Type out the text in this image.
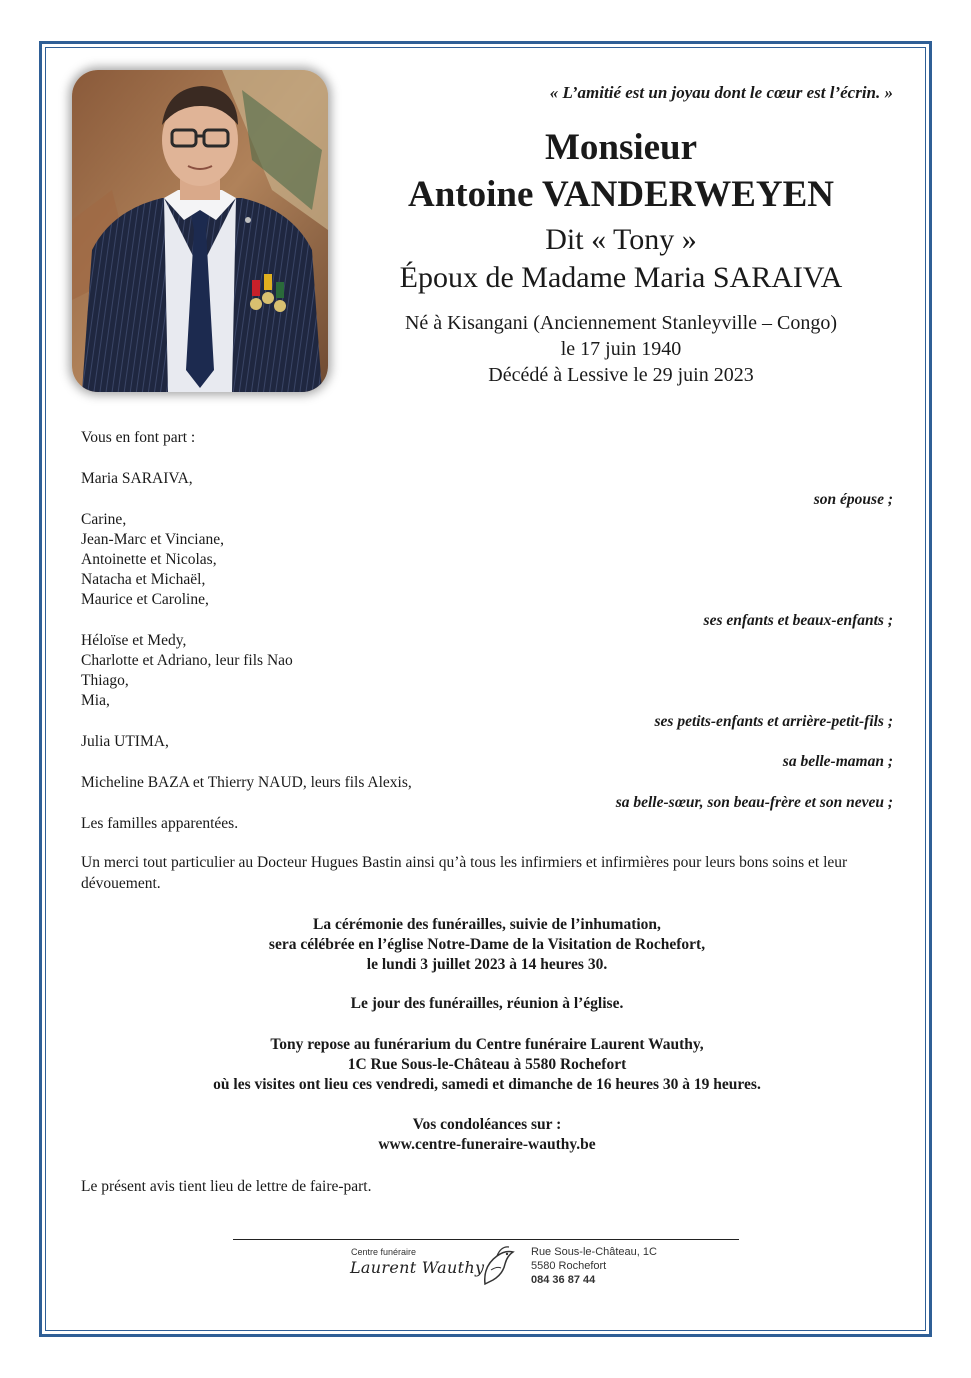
« L’amitié est un joyau dont le cœur est l’écrin. »
Monsieur
Antoine VANDERWEYEN
Dit « Tony »
Époux de Madame Maria SARAIVA
Né à Kisangani (Anciennement Stanleyville – Congo)
le 17 juin 1940
Décédé à Lessive le 29 juin 2023
Vous en font part :
Maria SARAIVA,
son épouse ;
Carine,
Jean-Marc et Vinciane,
Antoinette et Nicolas,
Natacha et Michaël,
Maurice et Caroline,
ses enfants et beaux-enfants ;
Héloïse et Medy,
Charlotte et Adriano, leur fils Nao
Thiago,
Mia,
ses petits-enfants et arrière-petit-fils ;
Julia UTIMA,
sa belle-maman ;
Micheline BAZA et Thierry NAUD, leurs fils Alexis,
sa belle-sœur, son beau-frère et son neveu ;
Les familles apparentées.
Un merci tout particulier au Docteur Hugues Bastin ainsi qu’à tous les infirmiers et infirmières pour leurs bons soins et leur dévouement.
La cérémonie des funérailles, suivie de l’inhumation,
sera célébrée en l’église Notre-Dame de la Visitation de Rochefort,
le lundi 3 juillet 2023 à 14 heures 30.
Le jour des funérailles, réunion à l’église.
Tony repose au funérarium du Centre funéraire Laurent Wauthy,
1C Rue Sous-le-Château à 5580 Rochefort
où les visites ont lieu ces vendredi, samedi et dimanche de 16 heures 30 à 19 heures.
Vos condoléances sur :
www.centre-funeraire-wauthy.be
Le présent avis tient lieu de lettre de faire-part.
Centre funéraire
Laurent Wauthy
Rue Sous-le-Château, 1C
5580 Rochefort
084 36 87 44
